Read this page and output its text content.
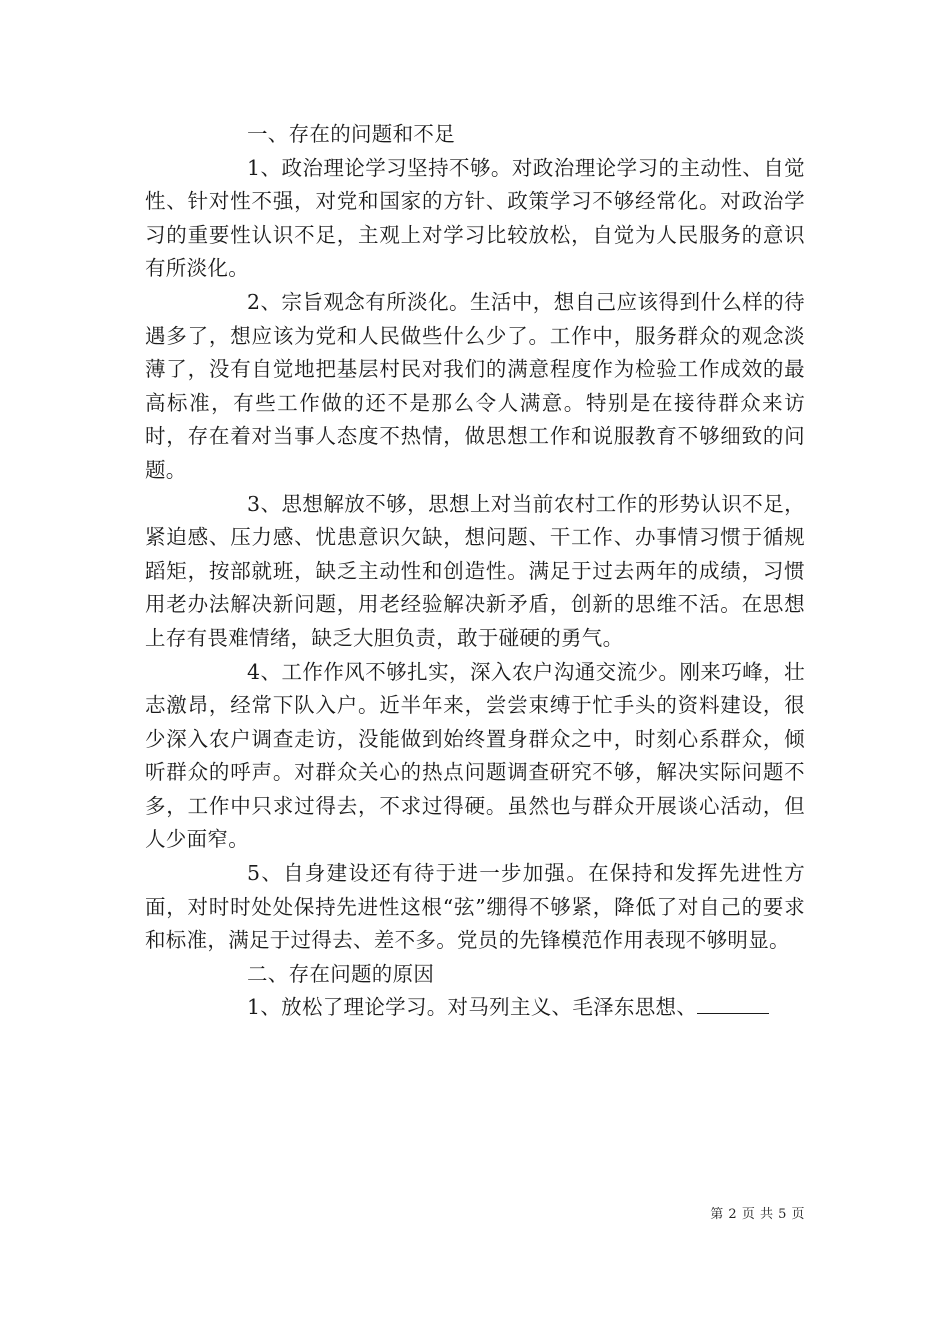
一、存在的问题和不足

1、政治理论学习坚持不够。对政治理论学习的主动性、自觉性、针对性不强，对党和国家的方针、政策学习不够经常化。对政治学习的重要性认识不足，主观上对学习比较放松，自觉为人民服务的意识有所淡化。

2、宗旨观念有所淡化。生活中，想自己应该得到什么样的待遇多了，想应该为党和人民做些什么少了。工作中，服务群众的观念淡薄了，没有自觉地把基层村民对我们的满意程度作为检验工作成效的最高标准，有些工作做的还不是那么令人满意。特别是在接待群众来访时，存在着对当事人态度不热情，做思想工作和说服教育不够细致的问题。

3、思想解放不够，思想上对当前农村工作的形势认识不足，紧迫感、压力感、忧患意识欠缺，想问题、干工作、办事情习惯于循规蹈矩，按部就班，缺乏主动性和创造性。满足于过去两年的成绩，习惯用老办法解决新问题，用老经验解决新矛盾，创新的思维不活。在思想上存有畏难情绪，缺乏大胆负责，敢于碰硬的勇气。

4、工作作风不够扎实，深入农户沟通交流少。刚来巧峰，壮志激昂，经常下队入户。近半年来，尝尝束缚于忙手头的资料建设，很少深入农户调查走访，没能做到始终置身群众之中，时刻心系群众，倾听群众的呼声。对群众关心的热点问题调查研究不够，解决实际问题不多，工作中只求过得去，不求过得硬。虽然也与群众开展谈心活动，但人少面窄。

5、自身建设还有待于进一步加强。在保持和发挥先进性方面，对时时处处保持先进性这根“弦”绷得不够紧，降低了对自己的要求和标准，满足于过得去、差不多。党员的先锋模范作用表现不够明显。

二、存在问题的原因

1、放松了理论学习。对马列主义、毛泽东思想、

第 2 页 共 5 页
